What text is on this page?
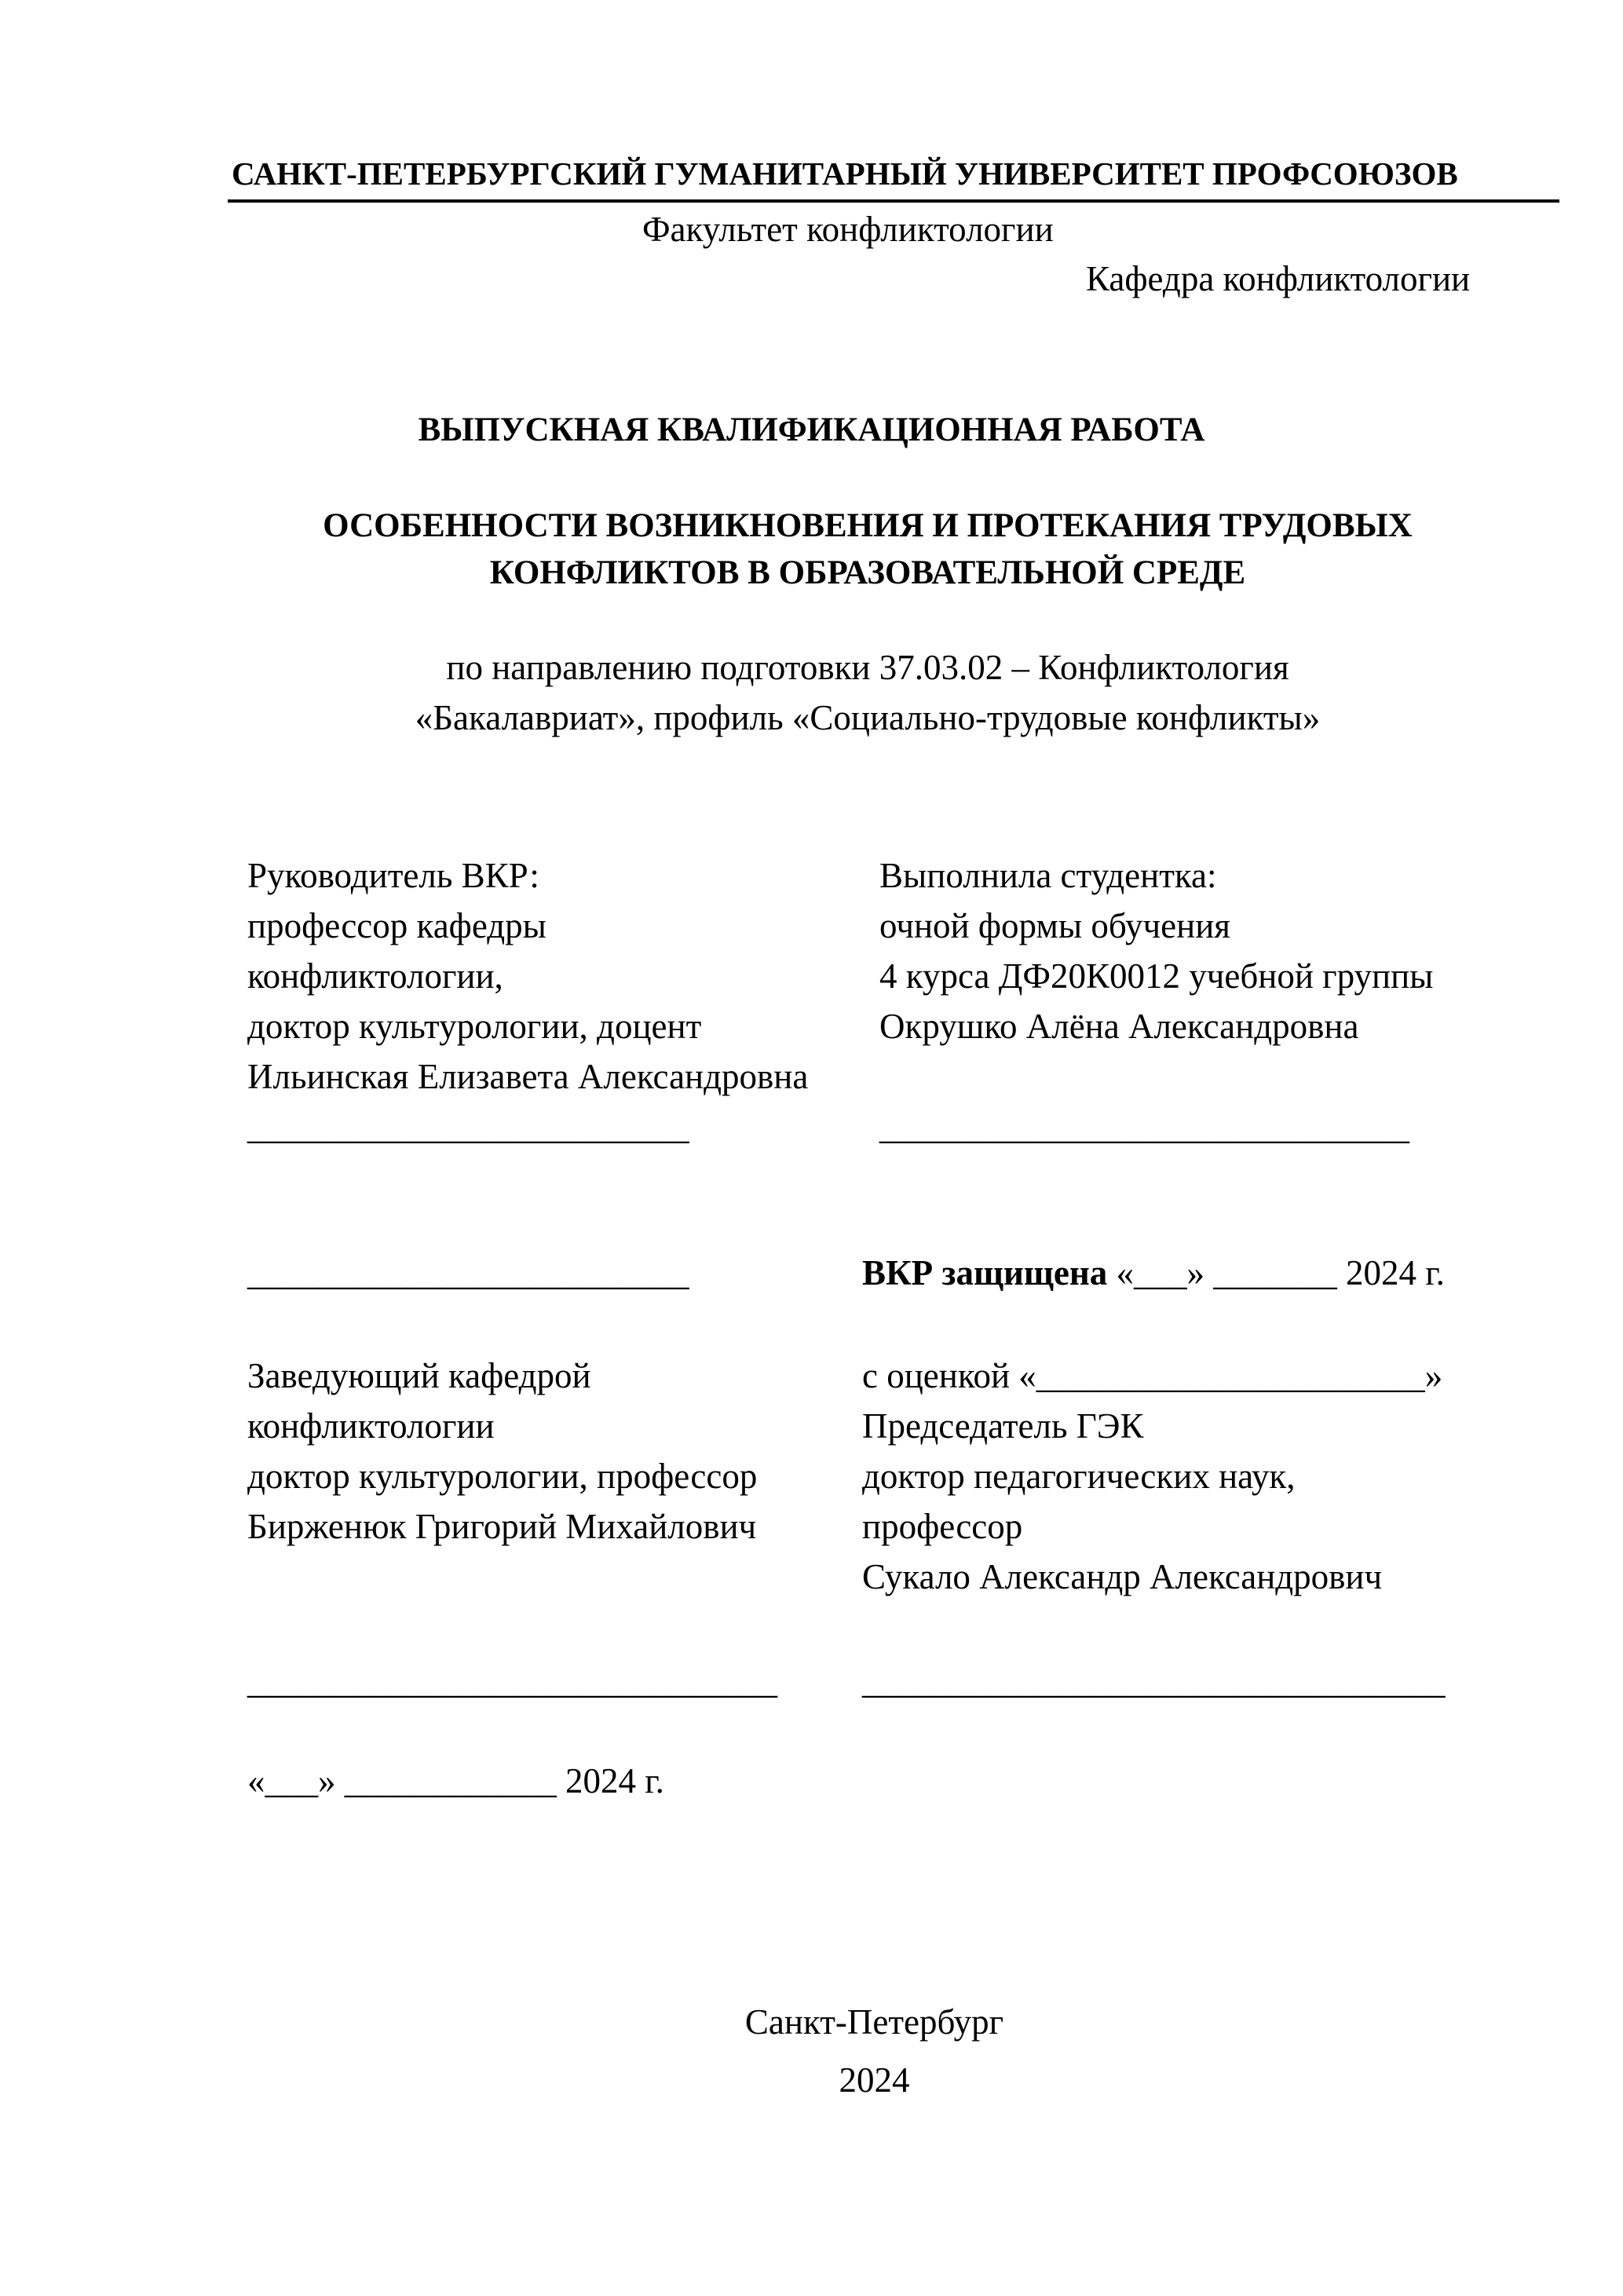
САНКТ-ПЕТЕРБУРГСКИЙ ГУМАНИТАРНЫЙ УНИВЕРСИТЕТ ПРОФСОЮЗОВ
Факультет конфликтологии
Кафедра конфликтологии
ВЫПУСКНАЯ КВАЛИФИКАЦИОННАЯ РАБОТА
ОСОБЕННОСТИ ВОЗНИКНОВЕНИЯ И ПРОТЕКАНИЯ ТРУДОВЫХ
КОНФЛИКТОВ В ОБРАЗОВАТЕЛЬНОЙ СРЕДЕ
по направлению подготовки 37.03.02 – Конфликтология
«Бакалавриат», профиль «Социально-трудовые конфликты»
Руководитель ВКР:
профессор кафедры
конфликтологии,
доктор культурологии, доцент
Ильинская Елизавета Александровна
_________________________
Выполнила студентка:
очной формы обучения
4 курса ДФ20К0012 учебной группы
Окрушко Алёна Александровна
______________________________
_________________________	ВКР защищена «___» _______ 2024 г.
Заведующий кафедрой
конфликтологии
доктор культурологии, профессор
Бирженюк Григорий Михайлович
с оценкой «______________________»
Председатель ГЭК
доктор педагогических наук,
профессор
Сукало Александр Александрович
______________________________ _________________________________
«___» ____________ 2024 г.
Санкт-Петербург
2024
